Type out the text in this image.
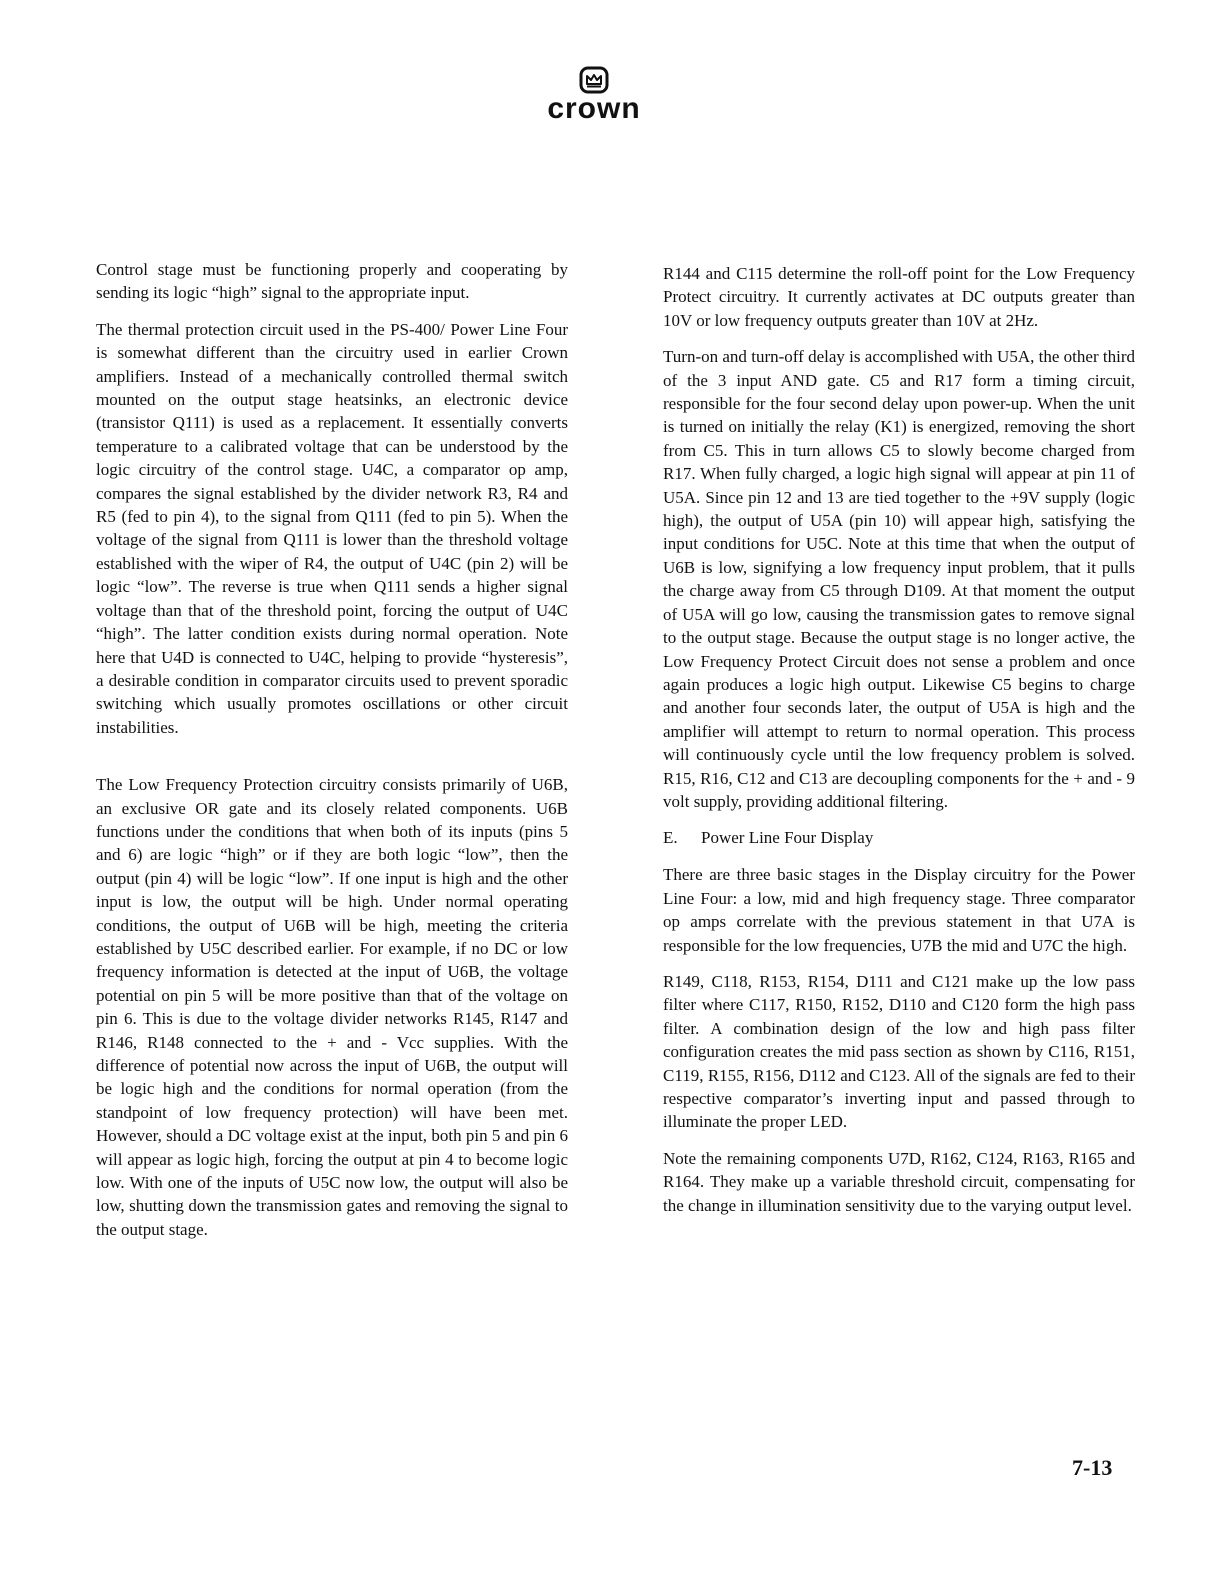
crown

Control stage must be functioning properly and cooperating by sending its logic “high” signal to the appropriate input.

The thermal protection circuit used in the PS-400/ Power Line Four is somewhat different than the circuitry used in earlier Crown amplifiers. Instead of a mechanically controlled thermal switch mounted on the output stage heatsinks, an electronic device (transistor Q111) is used as a replacement. It essentially converts temperature to a calibrated voltage that can be understood by the logic circuitry of the control stage. U4C, a comparator op amp, compares the signal established by the divider network R3, R4 and R5 (fed to pin 4), to the signal from Q111 (fed to pin 5). When the voltage of the signal from Q111 is lower than the threshold voltage established with the wiper of R4, the output of U4C (pin 2) will be logic “low”. The reverse is true when Q111 sends a higher signal voltage than that of the threshold point, forcing the output of U4C “high”. The latter condition exists during normal operation. Note here that U4D is connected to U4C, helping to provide “hysteresis”, a desirable condition in comparator circuits used to prevent sporadic switching which usually promotes oscillations or other circuit instabilities.

The Low Frequency Protection circuitry consists primarily of U6B, an exclusive OR gate and its closely related components. U6B functions under the conditions that when both of its inputs (pins 5 and 6) are logic “high” or if they are both logic “low”, then the output (pin 4) will be logic “low”. If one input is high and the other input is low, the output will be high. Under normal operating conditions, the output of U6B will be high, meeting the criteria established by U5C described earlier. For example, if no DC or low frequency information is detected at the input of U6B, the voltage potential on pin 5 will be more positive than that of the voltage on pin 6. This is due to the voltage divider networks R145, R147 and R146, R148 connected to the + and - Vcc supplies. With the difference of potential now across the input of U6B, the output will be logic high and the conditions for normal operation (from the standpoint of low frequency protection) will have been met. However, should a DC voltage exist at the input, both pin 5 and pin 6 will appear as logic high, forcing the output at pin 4 to become logic low. With one of the inputs of U5C now low, the output will also be low, shutting down the transmission gates and removing the signal to the output stage.

R144 and C115 determine the roll-off point for the Low Frequency Protect circuitry. It currently activates at DC outputs greater than 10V or low frequency outputs greater than 10V at 2Hz.

Turn-on and turn-off delay is accomplished with U5A, the other third of the 3 input AND gate. C5 and R17 form a timing circuit, responsible for the four second delay upon power-up. When the unit is turned on initially the relay (K1) is energized, removing the short from C5. This in turn allows C5 to slowly become charged from R17. When fully charged, a logic high signal will appear at pin 11 of U5A. Since pin 12 and 13 are tied together to the +9V supply (logic high), the output of U5A (pin 10) will appear high, satisfying the input conditions for U5C. Note at this time that when the output of U6B is low, signifying a low frequency input problem, that it pulls the charge away from C5 through D109. At that moment the output of U5A will go low, causing the transmission gates to remove signal to the output stage. Because the output stage is no longer active, the Low Frequency Protect Circuit does not sense a problem and once again produces a logic high output. Likewise C5 begins to charge and another four seconds later, the output of U5A is high and the amplifier will attempt to return to normal operation. This process will continuously cycle until the low frequency problem is solved. R15, R16, C12 and C13 are decoupling components for the + and - 9 volt supply, providing additional filtering.

E. Power Line Four Display

There are three basic stages in the Display circuitry for the Power Line Four: a low, mid and high frequency stage. Three comparator op amps correlate with the previous statement in that U7A is responsible for the low frequencies, U7B the mid and U7C the high.

R149, C118, R153, R154, D111 and C121 make up the low pass filter where C117, R150, R152, D110 and C120 form the high pass filter. A combination design of the low and high pass filter configuration creates the mid pass section as shown by C116, R151, C119, R155, R156, D112 and C123. All of the signals are fed to their respective comparator’s inverting input and passed through to illuminate the proper LED.

Note the remaining components U7D, R162, C124, R163, R165 and R164. They make up a variable threshold circuit, compensating for the change in illumination sensitivity due to the varying output level.

7-13
